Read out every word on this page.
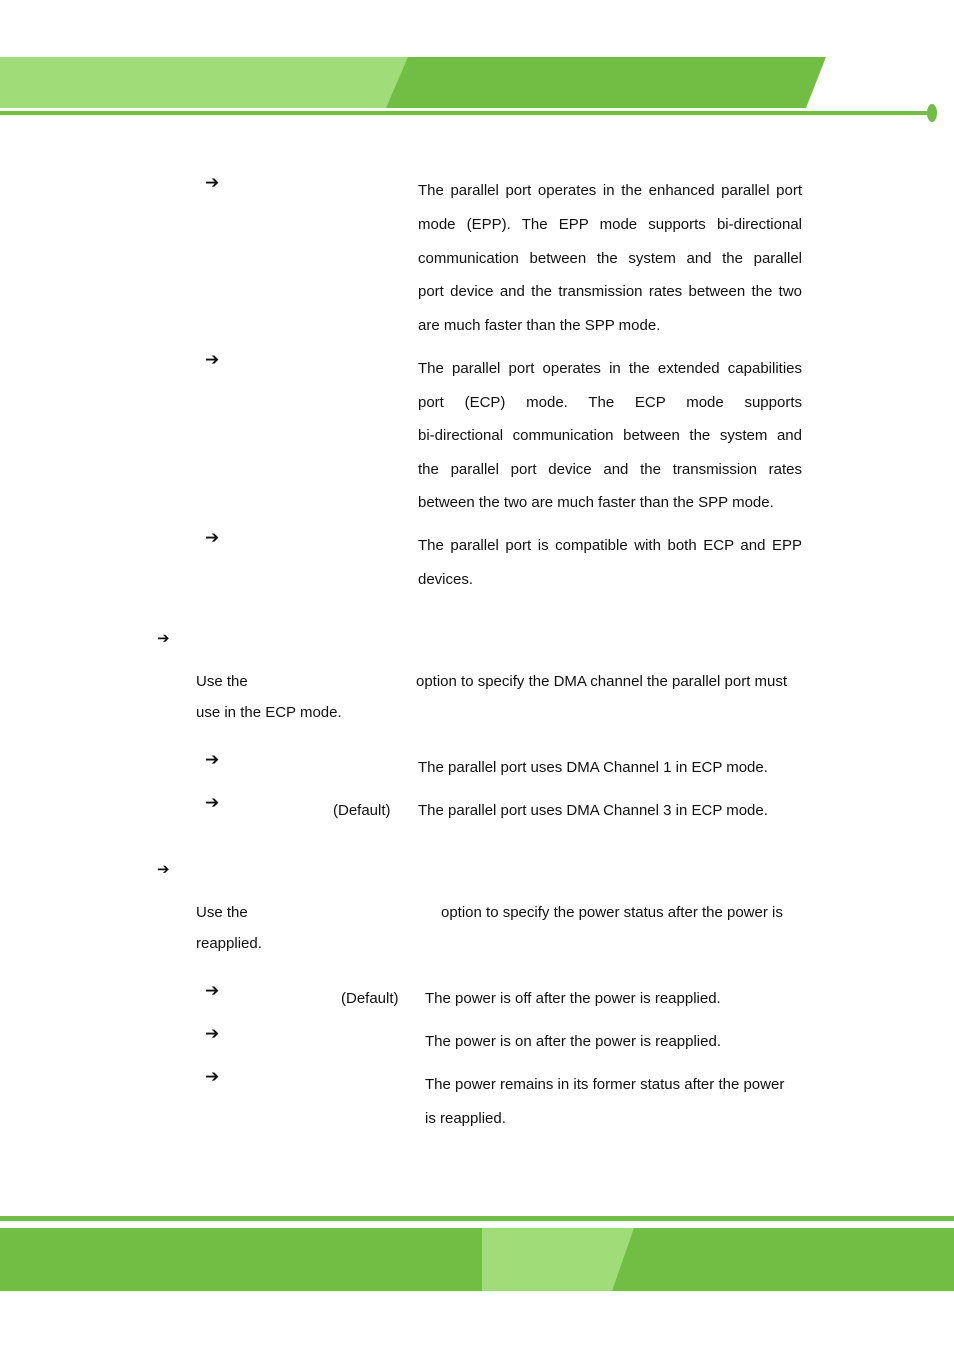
➔	The parallel port operates in the enhanced parallel port
mode (EPP). The EPP mode supports bi-directional
communication between the system and the parallel
port device and the transmission rates between the two
are much faster than the SPP mode.
➔	The parallel port operates in the extended capabilities
port (ECP) mode. The ECP mode supports
bi-directional communication between the system and
the parallel port device and the transmission rates
between the two are much faster than the SPP mode.
➔	The parallel port is compatible with both ECP and EPP
devices.
➔
Use the	option to specify the DMA channel the parallel port must
use in the ECP mode.
➔	The parallel port uses DMA Channel 1 in ECP mode.
➔	(Default) The parallel port uses DMA Channel 3 in ECP mode.
➔
Use the	option to specify the power status after the power is
reapplied.
➔	(Default) The power is off after the power is reapplied.
➔	The power is on after the power is reapplied.
➔	The power remains in its former status after the power
is reapplied.
